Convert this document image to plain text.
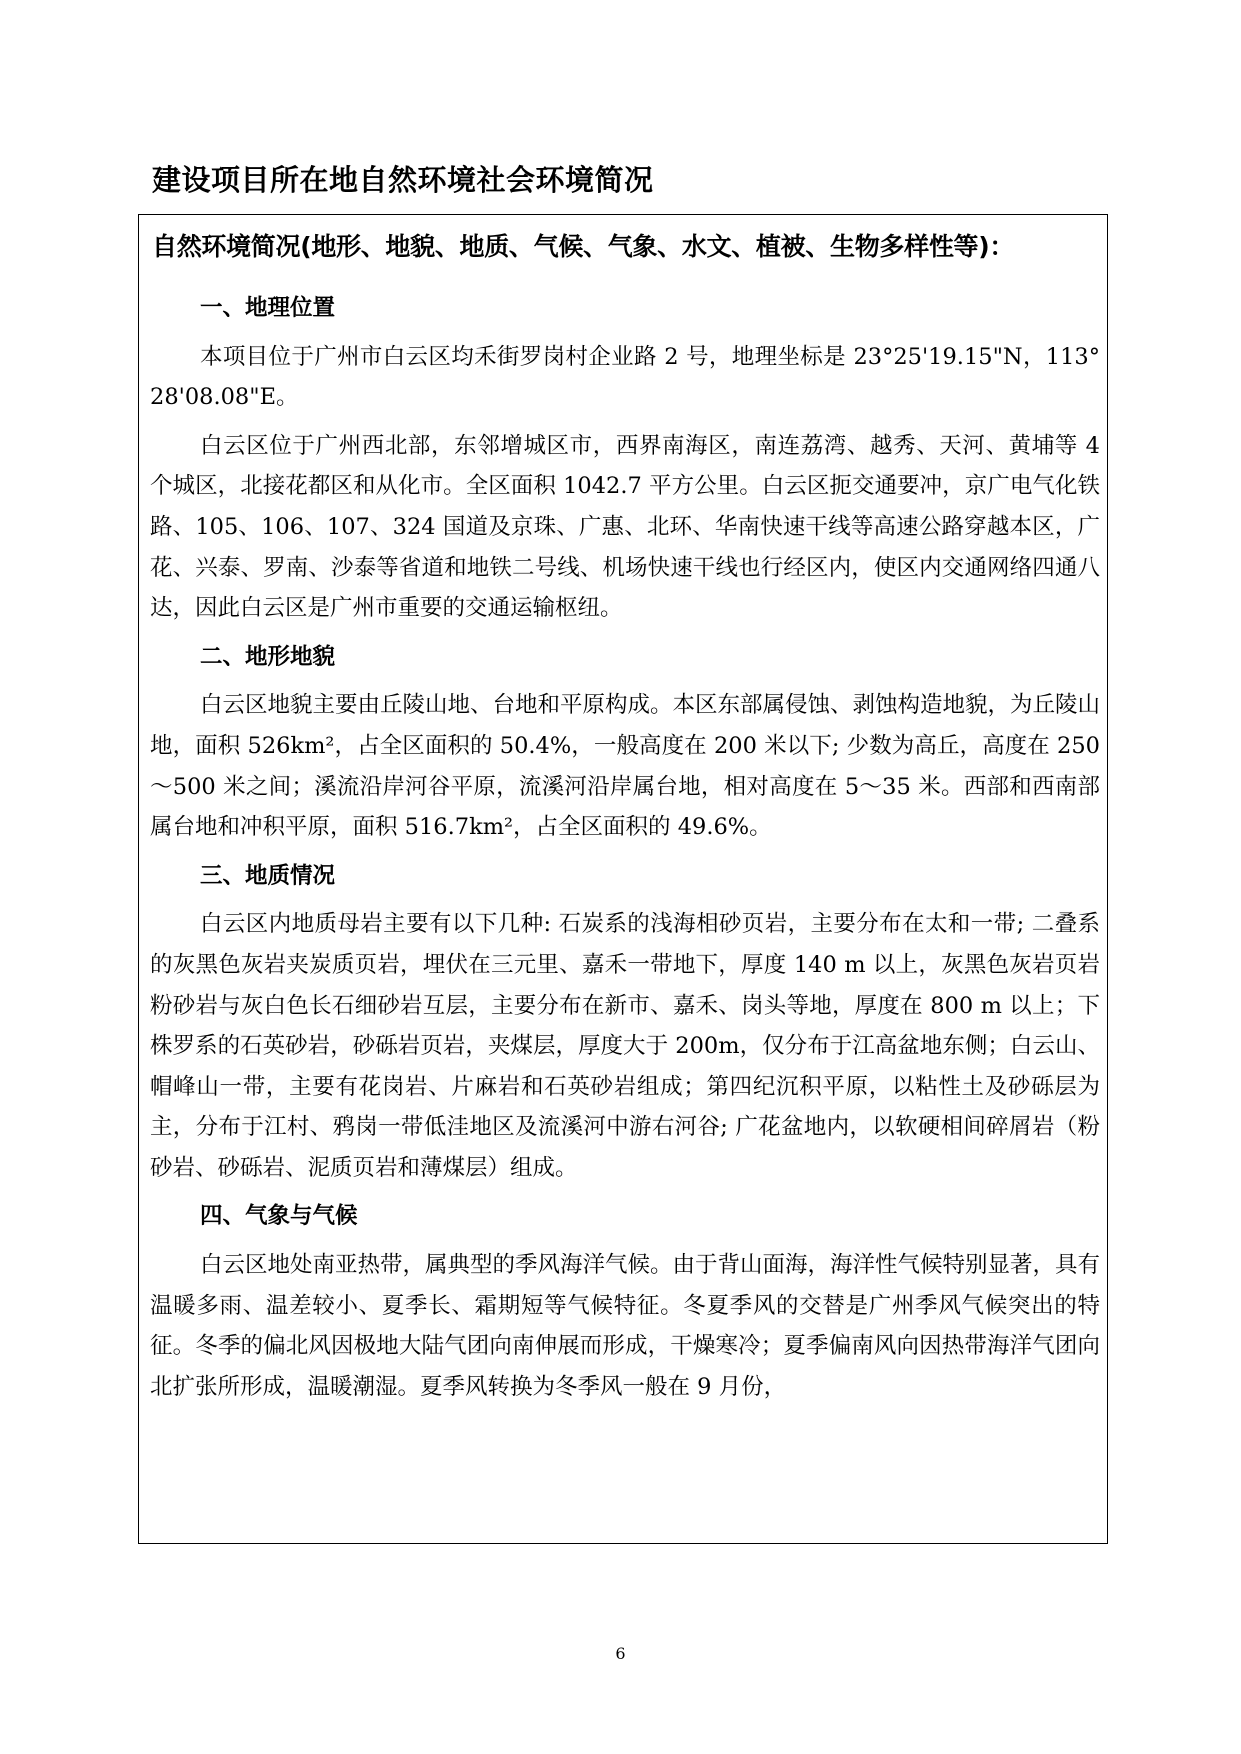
建设项目所在地自然环境社会环境简况
自然环境简况(地形、地貌、地质、气候、气象、水文、植被、生物多样性等)：
一、地理位置

本项目位于广州市白云区均禾街罗岗村企业路 2 号，地理坐标是 23°25'19.15"N，113°28'08.08"E。

白云区位于广州西北部，东邻增城区市，西界南海区，南连荔湾、越秀、天河、黄埔等 4 个城区，北接花都区和从化市。全区面积 1042.7 平方公里。白云区扼交通要冲，京广电气化铁路、105、106、107、324 国道及京珠、广惠、北环、华南快速干线等高速公路穿越本区，广花、兴泰、罗南、沙泰等省道和地铁二号线、机场快速干线也行经区内，使区内交通网络四通八达，因此白云区是广州市重要的交通运输枢纽。

二、地形地貌

白云区地貌主要由丘陵山地、台地和平原构成。本区东部属侵蚀、剥蚀构造地貌，为丘陵山地，面积 526km²，占全区面积的 50.4%，一般高度在 200 米以下; 少数为高丘，高度在 250～500 米之间；溪流沿岸河谷平原，流溪河沿岸属台地，相对高度在 5～35 米。西部和西南部属台地和冲积平原，面积 516.7km²，占全区面积的 49.6%。

三、地质情况

白云区内地质母岩主要有以下几种: 石炭系的浅海相砂页岩，主要分布在太和一带; 二叠系的灰黑色灰岩夹炭质页岩，埋伏在三元里、嘉禾一带地下，厚度 140 m 以上，灰黑色灰岩页岩粉砂岩与灰白色长石细砂岩互层，主要分布在新市、嘉禾、岗头等地，厚度在 800 m 以上；下株罗系的石英砂岩，砂砾岩页岩，夹煤层，厚度大于 200m，仅分布于江高盆地东侧；白云山、帽峰山一带，主要有花岗岩、片麻岩和石英砂岩组成；第四纪沉积平原，以粘性土及砂砾层为主，分布于江村、鸦岗一带低洼地区及流溪河中游右河谷; 广花盆地内，以软硬相间碎屑岩（粉砂岩、砂砾岩、泥质页岩和薄煤层）组成。

四、气象与气候

白云区地处南亚热带，属典型的季风海洋气候。由于背山面海，海洋性气候特别显著，具有温暖多雨、温差较小、夏季长、霜期短等气候特征。冬夏季风的交替是广州季风气候突出的特征。冬季的偏北风因极地大陆气团向南伸展而形成，干燥寒冷；夏季偏南风向因热带海洋气团向北扩张所形成，温暖潮湿。夏季风转换为冬季风一般在 9 月份，

6
